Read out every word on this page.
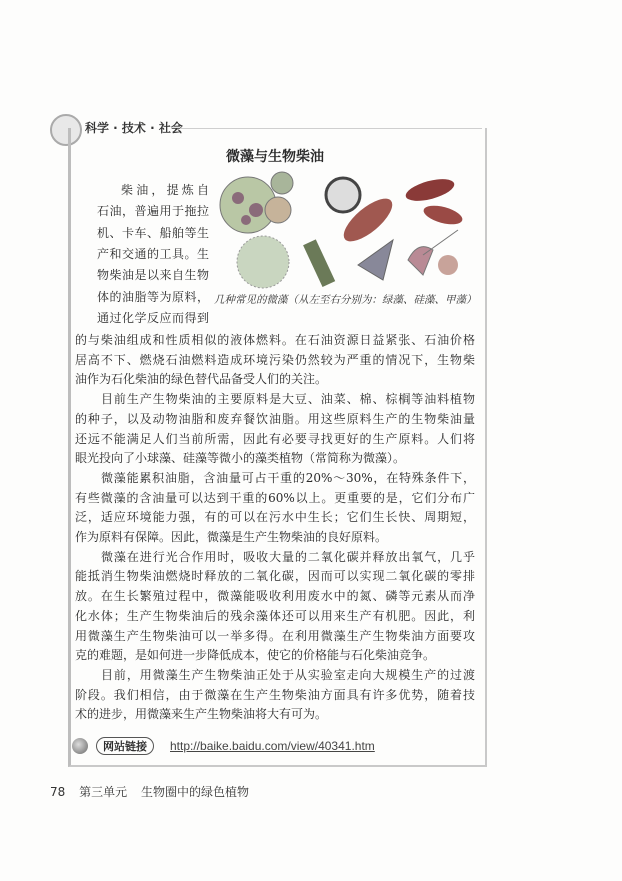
科学 · 技术 · 社会
微藻与生物柴油
几种常见的微藻（从左至右分别为：绿藻、硅藻、甲藻）
柴油，提炼自
石油，普遍用于拖拉
机、卡车、船舶等生
产和交通的工具。生
物柴油是以来自生物
体的油脂等为原料，
通过化学反应而得到
的与柴油组成和性质相似的液体燃料。在石油资源日益紧张、石油价格
居高不下、燃烧石油燃料造成环境污染仍然较为严重的情况下，生物柴
油作为石化柴油的绿色替代品备受人们的关注。
目前生产生物柴油的主要原料是大豆、油菜、棉、棕榈等油料植物
的种子，以及动物油脂和废弃餐饮油脂。用这些原料生产的生物柴油量
还远不能满足人们当前所需，因此有必要寻找更好的生产原料。人们将
眼光投向了小球藻、硅藻等微小的藻类植物（常简称为微藻）。
微藻能累积油脂，含油量可占干重的20%～30%，在特殊条件下，
有些微藻的含油量可以达到干重的60%以上。更重要的是，它们分布广
泛，适应环境能力强，有的可以在污水中生长；它们生长快、周期短，
作为原料有保障。因此，微藻是生产生物柴油的良好原料。
微藻在进行光合作用时，吸收大量的二氧化碳并释放出氧气，几乎
能抵消生物柴油燃烧时释放的二氧化碳，因而可以实现二氧化碳的零排
放。在生长繁殖过程中，微藻能吸收利用废水中的氮、磷等元素从而净
化水体；生产生物柴油后的残余藻体还可以用来生产有机肥。因此，利
用微藻生产生物柴油可以一举多得。在利用微藻生产生物柴油方面要攻
克的难题，是如何进一步降低成本，使它的价格能与石化柴油竞争。
目前，用微藻生产生物柴油正处于从实验室走向大规模生产的过渡
阶段。我们相信，由于微藻在生产生物柴油方面具有许多优势，随着技
术的进步，用微藻来生产生物柴油将大有可为。
网站链接	http://baike.baidu.com/view/40341.htm
78 第三单元 生物圈中的绿色植物
